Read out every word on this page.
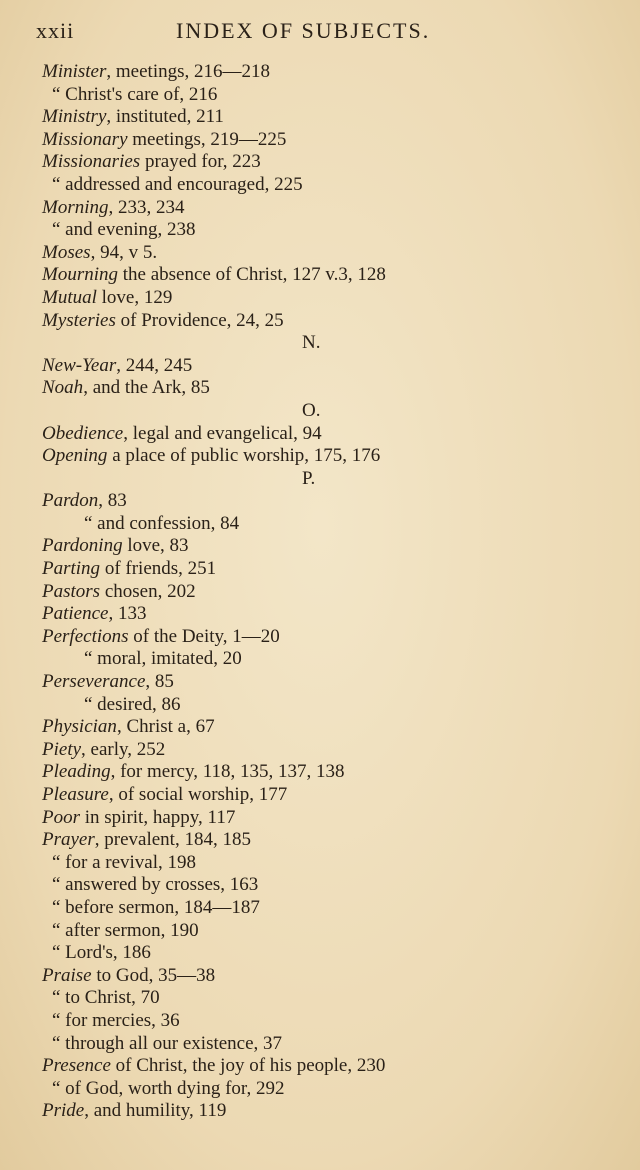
xxii	INDEX OF SUBJECTS.
Minister, meetings, 216—218
“ Christ's care of, 216
Ministry, instituted, 211
Missionary meetings, 219—225
Missionaries prayed for, 223
“ addressed and encouraged, 225
Morning, 233, 234
“ and evening, 238
Moses, 94, v 5.
Mourning the absence of Christ, 127 v.3, 128
Mutual love, 129
Mysteries of Providence, 24, 25
N.
New-Year, 244, 245
Noah, and the Ark, 85
O.
Obedience, legal and evangelical, 94
Opening a place of public worship, 175, 176
P.
Pardon, 83
“ and confession, 84
Pardoning love, 83
Parting of friends, 251
Pastors chosen, 202
Patience, 133
Perfections of the Deity, 1—20
“ moral, imitated, 20
Perseverance, 85
“ desired, 86
Physician, Christ a, 67
Piety, early, 252
Pleading, for mercy, 118, 135, 137, 138
Pleasure, of social worship, 177
Poor in spirit, happy, 117
Prayer, prevalent, 184, 185
“ for a revival, 198
“ answered by crosses, 163
“ before sermon, 184—187
“ after sermon, 190
“ Lord's, 186
Praise to God, 35—38
“ to Christ, 70
“ for mercies, 36
“ through all our existence, 37
Presence of Christ, the joy of his people, 230
“ of God, worth dying for, 292
Pride, and humility, 119
